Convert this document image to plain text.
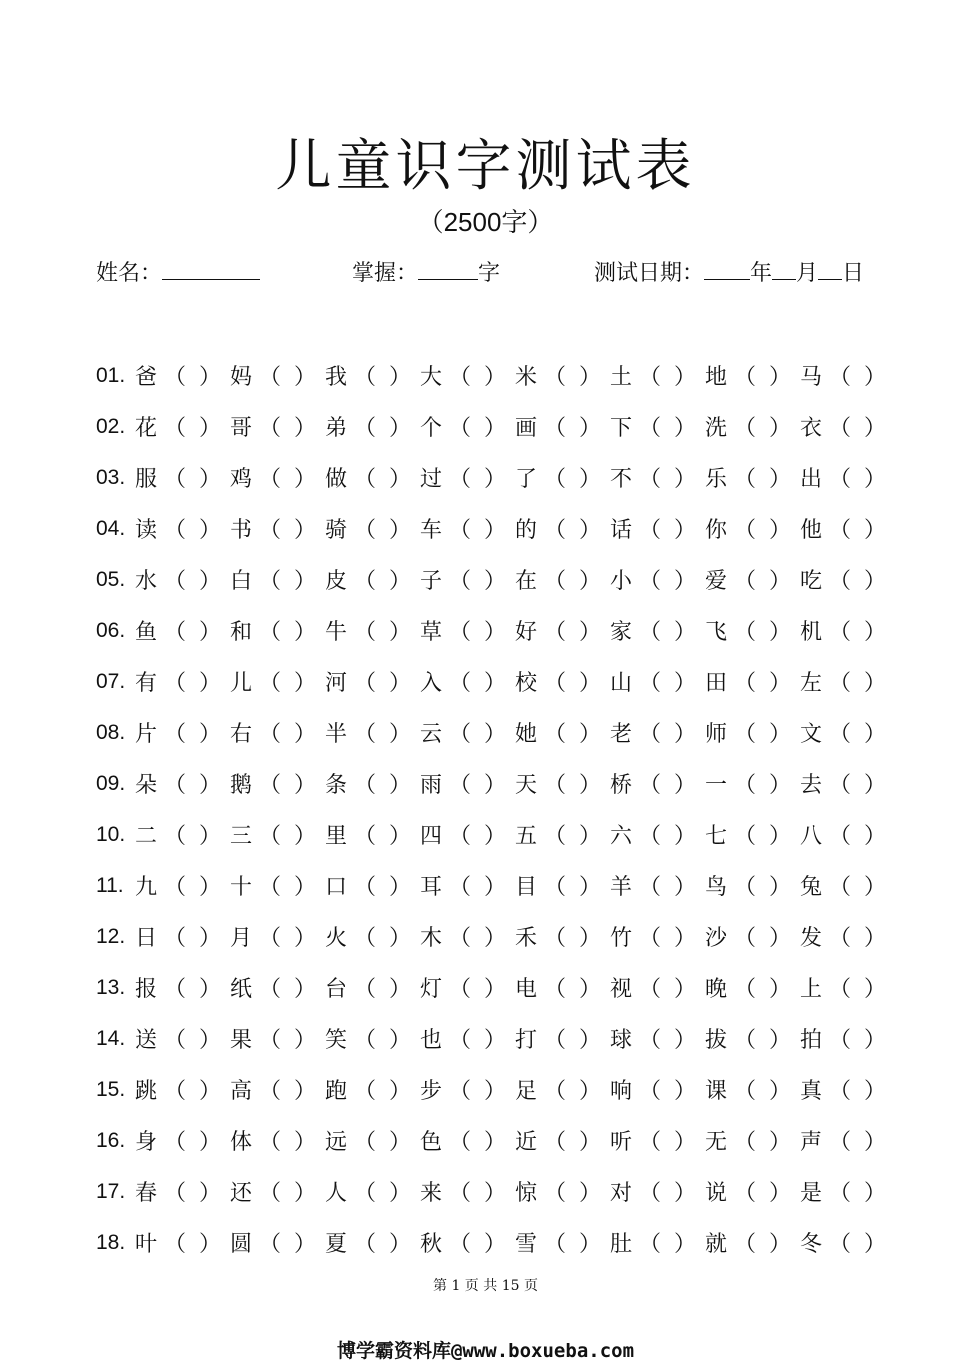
儿童识字测试表
（2500字）
姓名：	掌握：	字	测试日期： 年 月 日
01. 爸 （ ） 妈 （ ） 我 （ ） 大 （ ） 米 （ ） 土 （ ） 地 （ ） 马 （ ）
02. 花 （ ） 哥 （ ） 弟 （ ） 个 （ ） 画 （ ） 下 （ ） 洗 （ ） 衣 （ ）
03. 服 （ ） 鸡 （ ） 做 （ ） 过 （ ） 了 （ ） 不 （ ） 乐 （ ） 出 （ ）
04. 读 （ ） 书 （ ） 骑 （ ） 车 （ ） 的 （ ） 话 （ ） 你 （ ） 他 （ ）
05. 水 （ ） 白 （ ） 皮 （ ） 子 （ ） 在 （ ） 小 （ ） 爱 （ ） 吃 （ ）
06. 鱼 （ ） 和 （ ） 牛 （ ） 草 （ ） 好 （ ） 家 （ ） 飞 （ ） 机 （ ）
07. 有 （ ） 儿 （ ） 河 （ ） 入 （ ） 校 （ ） 山 （ ） 田 （ ） 左 （ ）
08. 片 （ ） 右 （ ） 半 （ ） 云 （ ） 她 （ ） 老 （ ） 师 （ ） 文 （ ）
09. 朵 （ ） 鹅 （ ） 条 （ ） 雨 （ ） 天 （ ） 桥 （ ） 一 （ ） 去 （ ）
10. 二 （ ） 三 （ ） 里 （ ） 四 （ ） 五 （ ） 六 （ ） 七 （ ） 八 （ ）
11. 九 （ ） 十 （ ） 口 （ ） 耳 （ ） 目 （ ） 羊 （ ） 鸟 （ ） 兔 （ ）
12. 日 （ ） 月 （ ） 火 （ ） 木 （ ） 禾 （ ） 竹 （ ） 沙 （ ） 发 （ ）
13. 报 （ ） 纸 （ ） 台 （ ） 灯 （ ） 电 （ ） 视 （ ） 晚 （ ） 上 （ ）
14. 送 （ ） 果 （ ） 笑 （ ） 也 （ ） 打 （ ） 球 （ ） 拔 （ ） 拍 （ ）
15. 跳 （ ） 高 （ ） 跑 （ ） 步 （ ） 足 （ ） 响 （ ） 课 （ ） 真 （ ）
16. 身 （ ） 体 （ ） 远 （ ） 色 （ ） 近 （ ） 听 （ ） 无 （ ） 声 （ ）
17. 春 （ ） 还 （ ） 人 （ ） 来 （ ） 惊 （ ） 对 （ ） 说 （ ） 是 （ ）
18. 叶 （ ） 圆 （ ） 夏 （ ） 秋 （ ） 雪 （ ） 肚 （ ） 就 （ ） 冬 （ ）
第 1 页 共 15 页
博学霸资料库@www.boxueba.com
